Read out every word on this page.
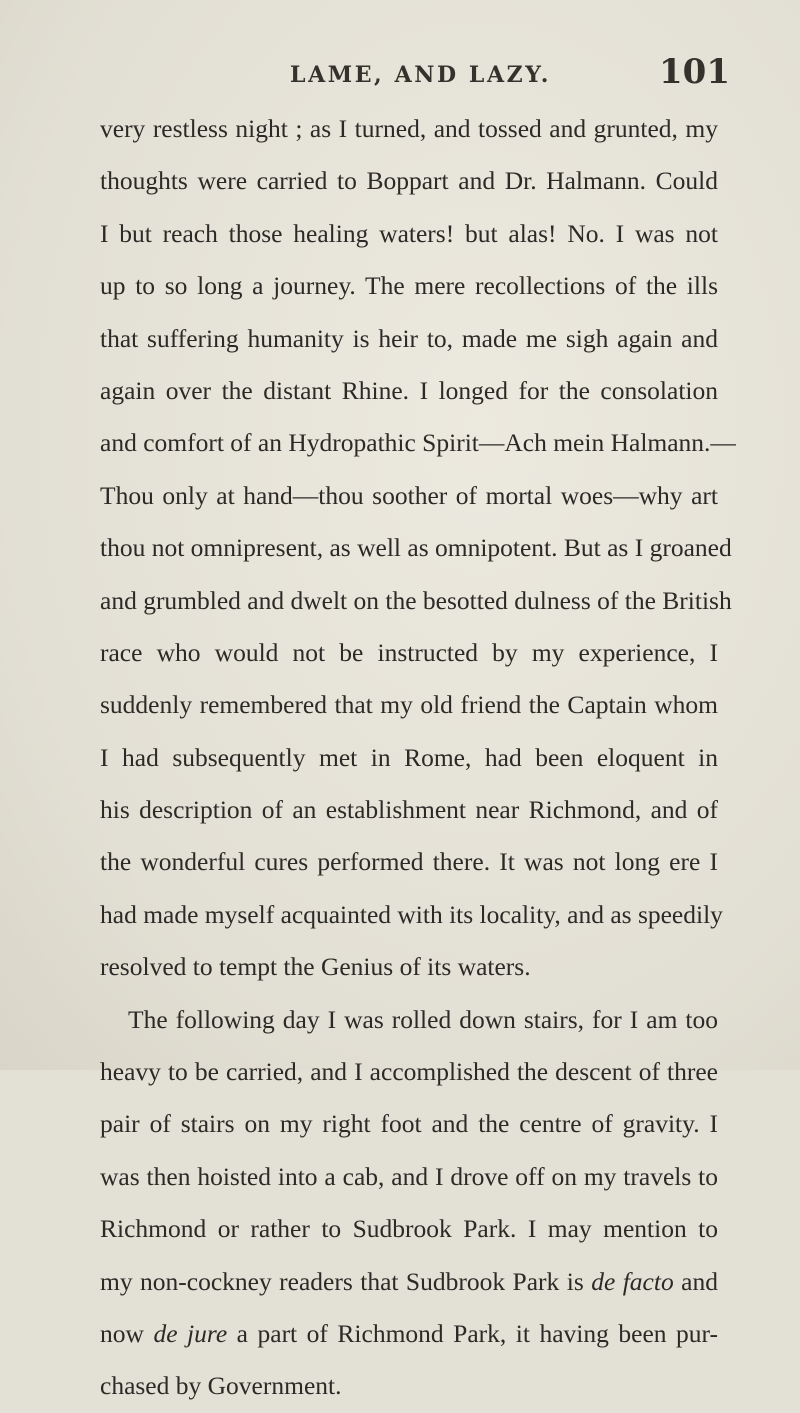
LAME, AND LAZY.	101
very restless night ; as I turned, and tossed and grunted, my
thoughts were carried to Boppart and Dr. Halmann. Could
I but reach those healing waters! but alas! No. I was not
up to so long a journey. The mere recollections of the ills
that suffering humanity is heir to, made me sigh again and
again over the distant Rhine. I longed for the consolation
and comfort of an Hydropathic Spirit—Ach mein Halmann.—
Thou only at hand—thou soother of mortal woes—why art
thou not omnipresent, as well as omnipotent. But as I groaned
and grumbled and dwelt on the besotted dulness of the British
race who would not be instructed by my experience, I
suddenly remembered that my old friend the Captain whom
I had subsequently met in Rome, had been eloquent in
his description of an establishment near Richmond, and of
the wonderful cures performed there. It was not long ere I
had made myself acquainted with its locality, and as speedily
resolved to tempt the Genius of its waters.
The following day I was rolled down stairs, for I am too
heavy to be carried, and I accomplished the descent of three
pair of stairs on my right foot and the centre of gravity. I
was then hoisted into a cab, and I drove off on my travels to
Richmond or rather to Sudbrook Park. I may mention to
my non-cockney readers that Sudbrook Park is de facto and
now de jure a part of Richmond Park, it having been pur-
chased by Government.
